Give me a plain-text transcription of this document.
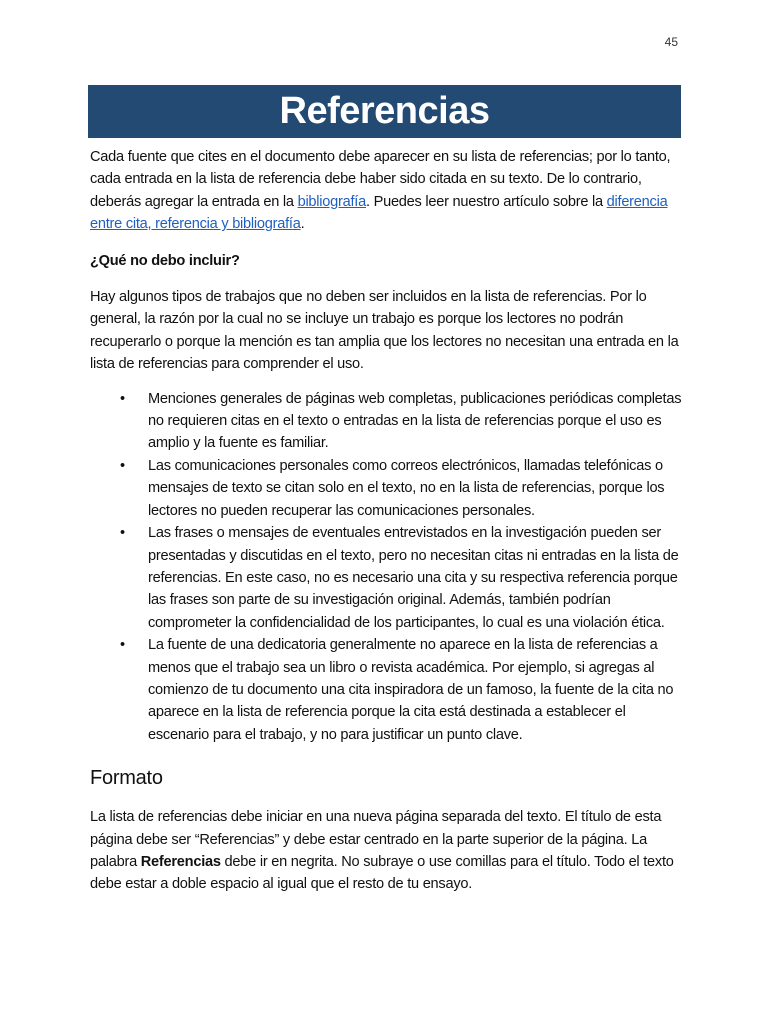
45
Referencias

Cada fuente que cites en el documento debe aparecer en su lista de referencias; por lo tanto, cada entrada en la lista de referencia debe haber sido citada en su texto. De lo contrario, deberás agregar la entrada en la bibliografía. Puedes leer nuestro artículo sobre la diferencia entre cita, referencia y bibliografía.

¿Qué no debo incluir?

Hay algunos tipos de trabajos que no deben ser incluidos en la lista de referencias. Por lo general, la razón por la cual no se incluye un trabajo es porque los lectores no podrán recuperarlo o porque la mención es tan amplia que los lectores no necesitan una entrada en la lista de referencias para comprender el uso.

• Menciones generales de páginas web completas, publicaciones periódicas completas no requieren citas en el texto o entradas en la lista de referencias porque el uso es amplio y la fuente es familiar.
• Las comunicaciones personales como correos electrónicos, llamadas telefónicas o mensajes de texto se citan solo en el texto, no en la lista de referencias, porque los lectores no pueden recuperar las comunicaciones personales.
• Las frases o mensajes de eventuales entrevistados en la investigación pueden ser presentadas y discutidas en el texto, pero no necesitan citas ni entradas en la lista de referencias. En este caso, no es necesario una cita y su respectiva referencia porque las frases son parte de su investigación original. Además, también podrían comprometer la confidencialidad de los participantes, lo cual es una violación ética.
• La fuente de una dedicatoria generalmente no aparece en la lista de referencias a menos que el trabajo sea un libro o revista académica. Por ejemplo, si agregas al comienzo de tu documento una cita inspiradora de un famoso, la fuente de la cita no aparece en la lista de referencia porque la cita está destinada a establecer el escenario para el trabajo, y no para justificar un punto clave.

Formato

La lista de referencias debe iniciar en una nueva página separada del texto. El título de esta página debe ser “Referencias” y debe estar centrado en la parte superior de la página. La palabra Referencias debe ir en negrita. No subraye o use comillas para el título. Todo el texto debe estar a doble espacio al igual que el resto de tu ensayo.
